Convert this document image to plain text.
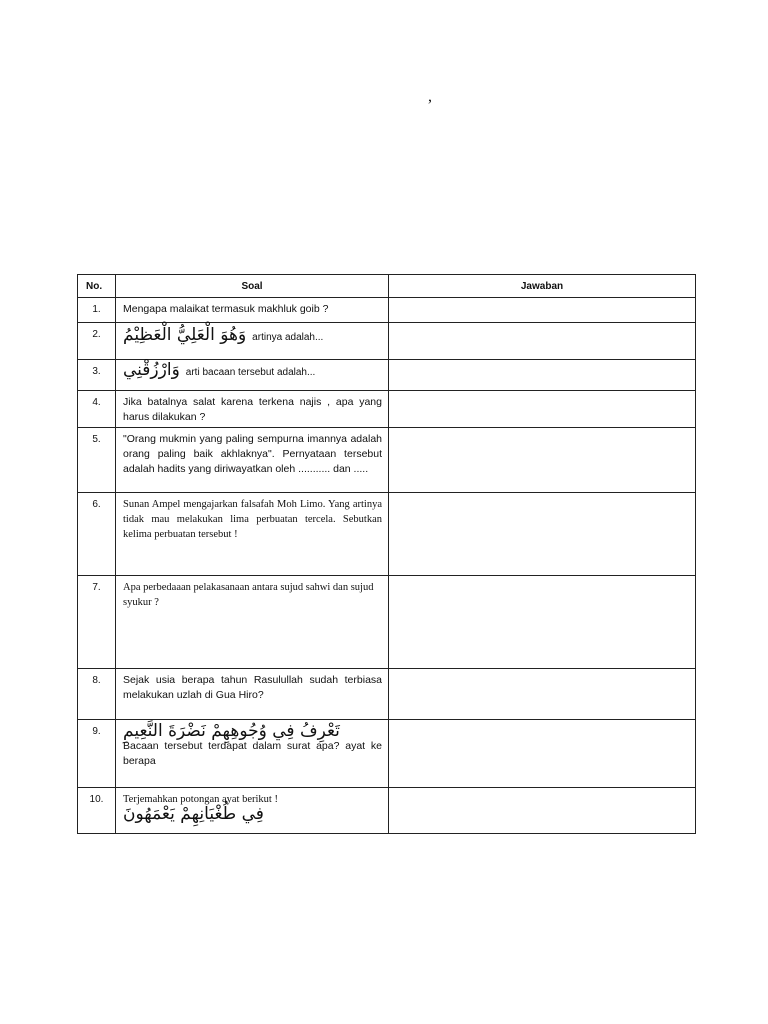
,
No.	Soal	Jawaban
1.	Mengapa malaikat termasuk makhluk goib ?	
2.	وَهُوَ الْعَلِيُّ الْعَظِيْمُ artinya adalah...	
3.	وَارْزُقْنِي arti bacaan tersebut adalah...	
4.	Jika batalnya salat karena terkena najis , apa yang harus dilakukan ?	
5.	"Orang mukmin yang paling sempurna imannya adalah orang paling baik akhlaknya". Pernyataan tersebut adalah hadits yang diriwayatkan oleh ........... dan .....	
6.	Sunan Ampel mengajarkan falsafah Moh Limo. Yang artinya tidak mau melakukan lima perbuatan tercela. Sebutkan kelima perbuatan tersebut !	
7.	Apa perbedaaan pelakasanaan antara sujud sahwi dan sujud syukur ?	
8.	Sejak usia berapa tahun Rasulullah sudah terbiasa melakukan uzlah di Gua Hiro?	
9.	تَعْرِفُ فِي وُجُوهِهِمْ نَضْرَةَ النَّعِيمِ
Bacaan tersebut terdapat dalam surat apa? ayat ke berapa	
10.	Terjemahkan potongan ayat berikut !
فِي طُغْيَانِهِمْ يَعْمَهُونَ	
